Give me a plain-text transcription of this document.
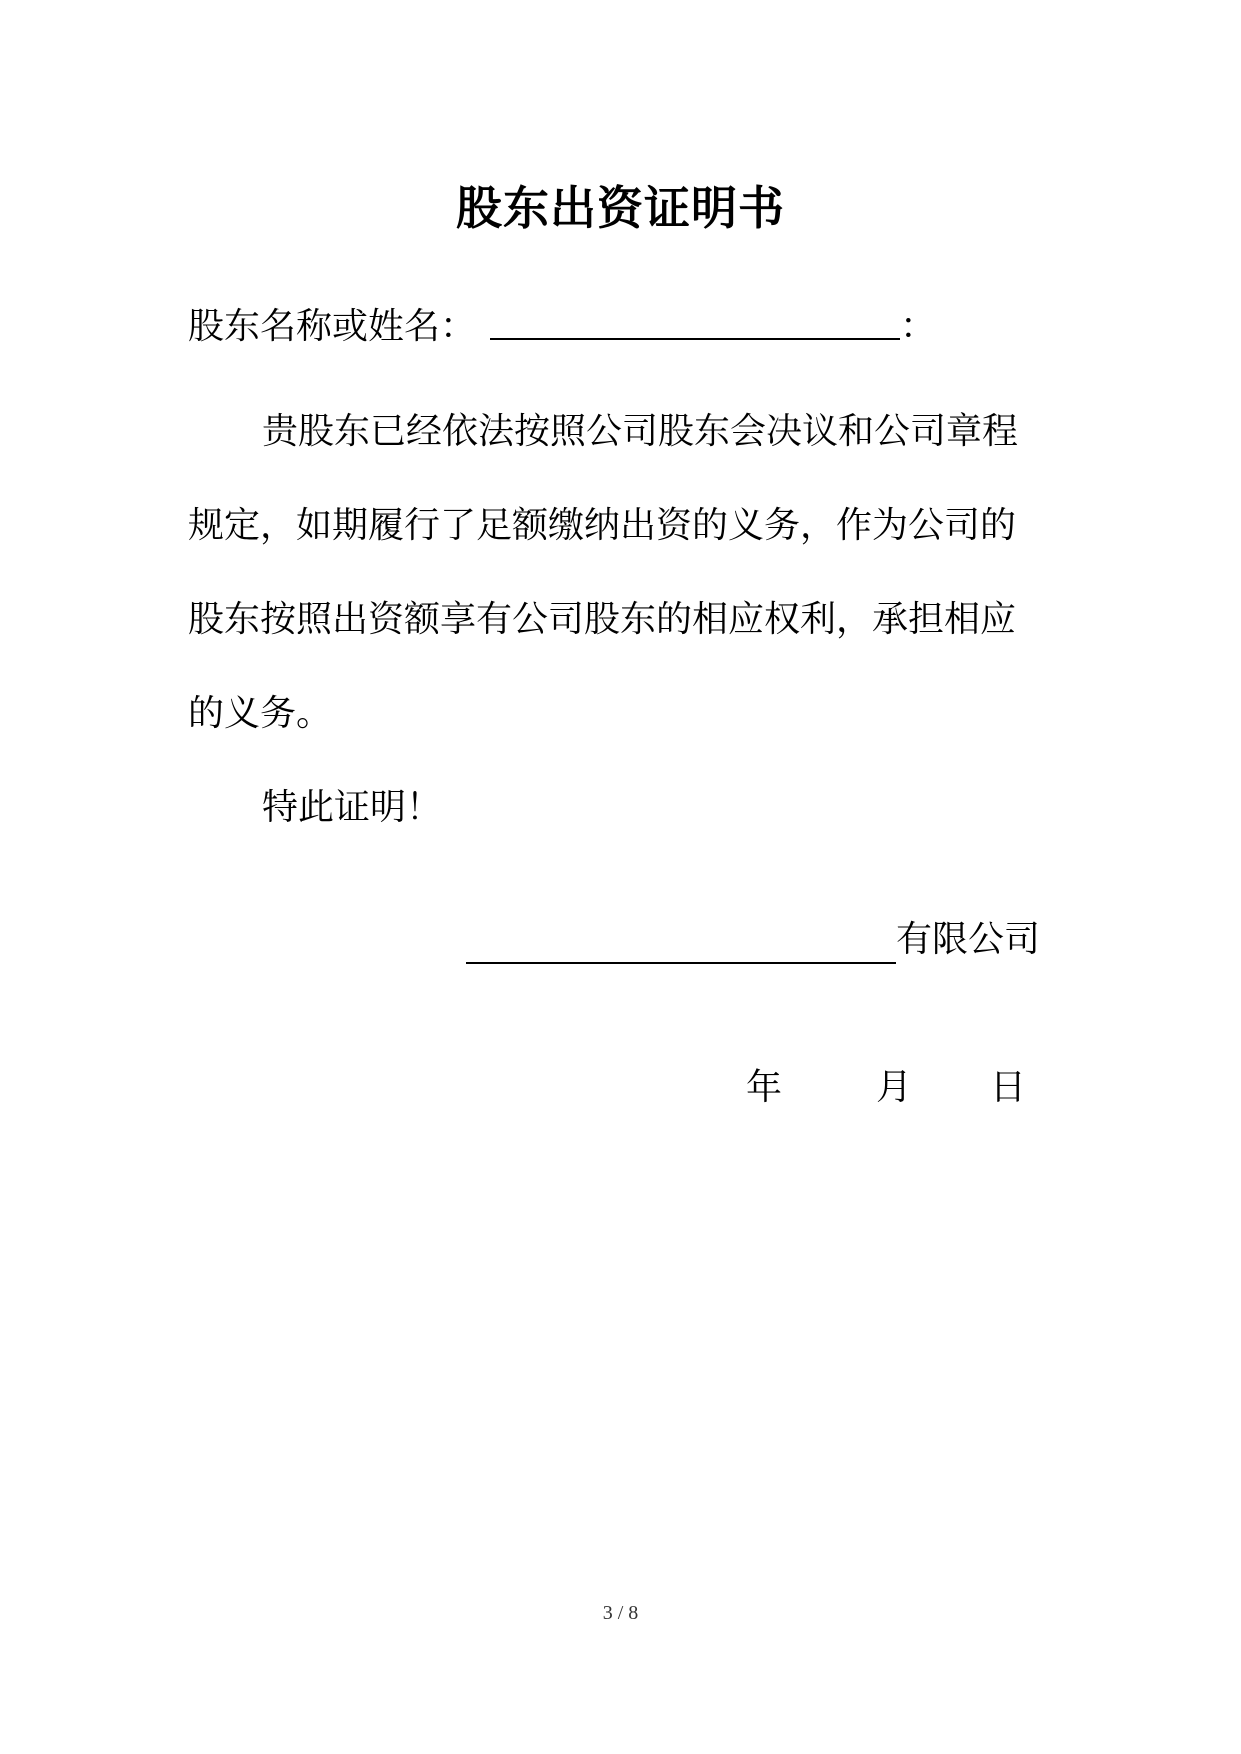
股东出资证明书
股东名称或姓名：	：
贵股东已经依法按照公司股东会决议和公司章程
规定，如期履行了足额缴纳出资的义务，作为公司的
股东按照出资额享有公司股东的相应权利，承担相应
的义务。
特此证明！
有限公司
年	月 日
3 / 8
